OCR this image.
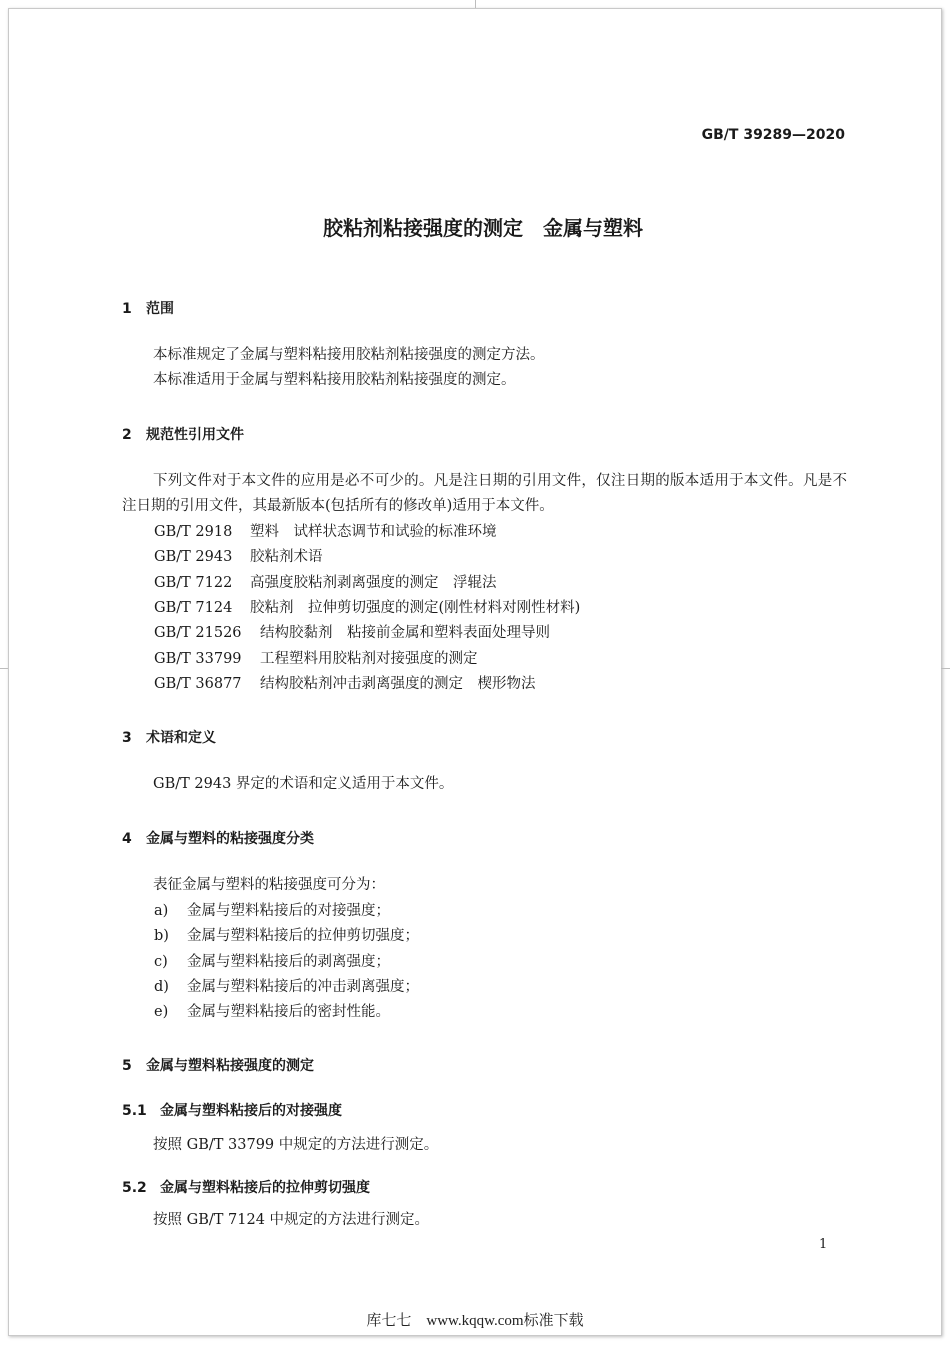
GB/T 39289—2020
胶粘剂粘接强度的测定　金属与塑料
1 范围
本标准规定了金属与塑料粘接用胶粘剂粘接强度的测定方法。
本标准适用于金属与塑料粘接用胶粘剂粘接强度的测定。
2 规范性引用文件
下列文件对于本文件的应用是必不可少的。凡是注日期的引用文件，仅注日期的版本适用于本文件。凡是不注日期的引用文件，其最新版本(包括所有的修改单)适用于本文件。
GB/T 2918 塑料　试样状态调节和试验的标准环境
GB/T 2943 胶粘剂术语
GB/T 7122 高强度胶粘剂剥离强度的测定　浮辊法
GB/T 7124 胶粘剂　拉伸剪切强度的测定(刚性材料对刚性材料)
GB/T 21526 结构胶黏剂　粘接前金属和塑料表面处理导则
GB/T 33799 工程塑料用胶粘剂对接强度的测定
GB/T 36877 结构胶粘剂冲击剥离强度的测定　楔形物法
3 术语和定义
GB/T 2943 界定的术语和定义适用于本文件。
4 金属与塑料的粘接强度分类
表征金属与塑料的粘接强度可分为：
a) 金属与塑料粘接后的对接强度；
b) 金属与塑料粘接后的拉伸剪切强度；
c) 金属与塑料粘接后的剥离强度；
d) 金属与塑料粘接后的冲击剥离强度；
e) 金属与塑料粘接后的密封性能。
5 金属与塑料粘接强度的测定
5.1 金属与塑料粘接后的对接强度
按照 GB/T 33799 中规定的方法进行测定。
5.2 金属与塑料粘接后的拉伸剪切强度
按照 GB/T 7124 中规定的方法进行测定。
1
库七七　www.kqqw.com标准下载
